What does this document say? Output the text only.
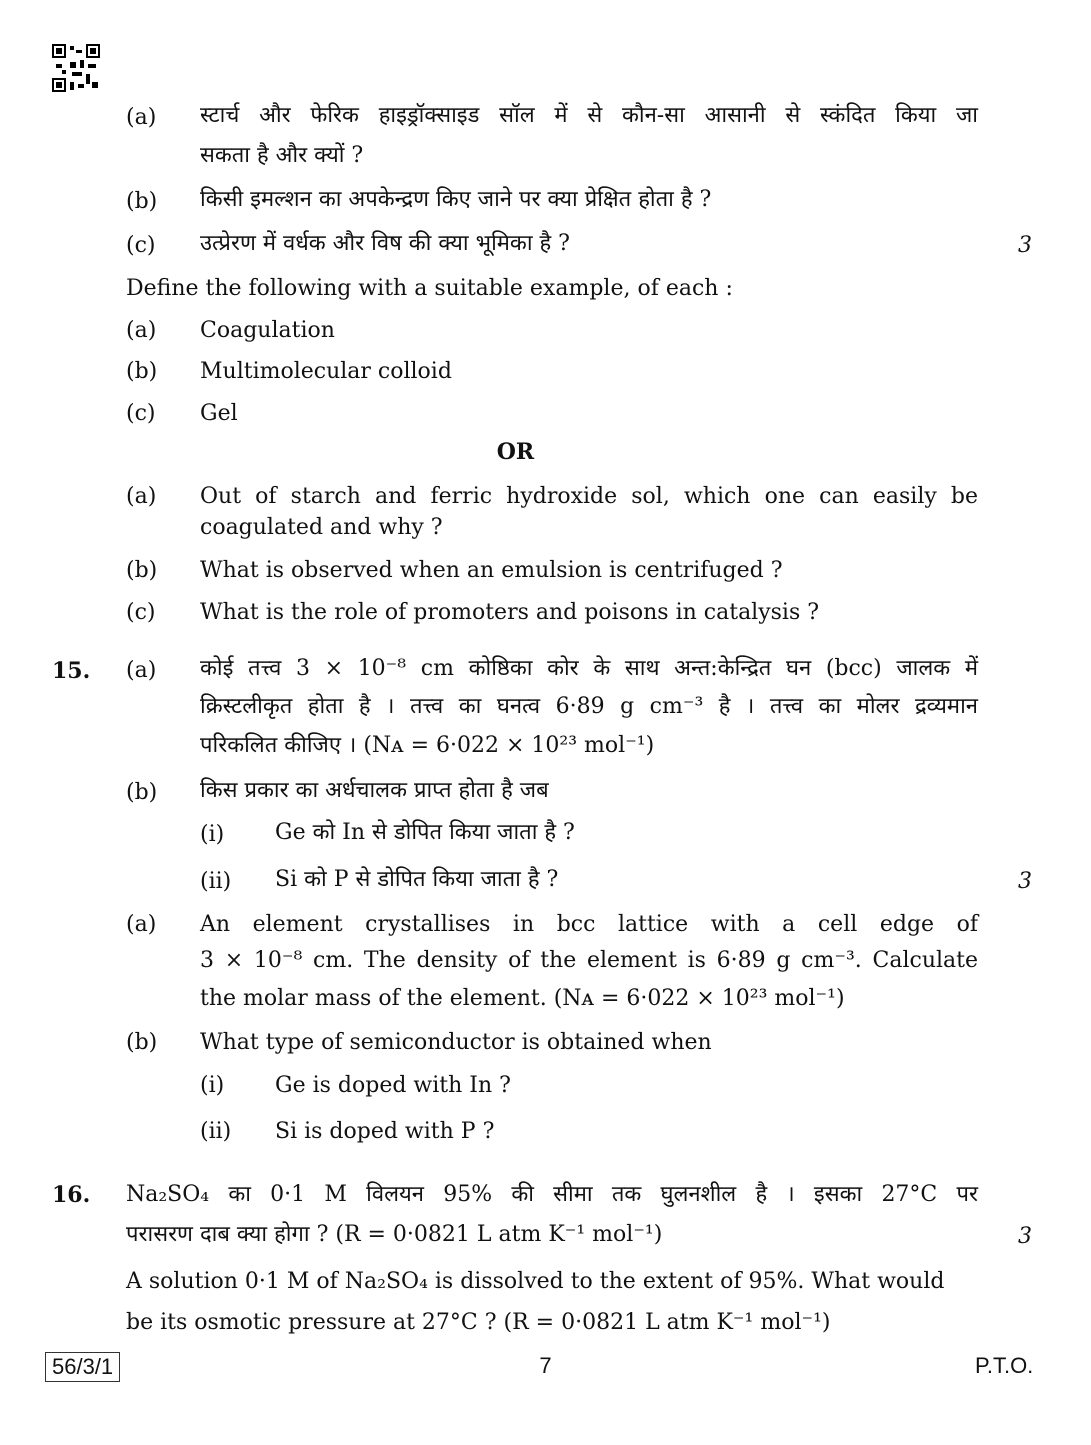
(a) स्टार्च और फेरिक हाइड्रॉक्साइड सॉल में से कौन-सा आसानी से स्कंदित किया जा
सकता है और क्यों ?
(b) किसी इमल्शन का अपकेन्द्रण किए जाने पर क्या प्रेक्षित होता है ?
(c) उत्प्रेरण में वर्धक और विष की क्या भूमिका है ?	3
Define the following with a suitable example, of each :
(a) Coagulation
(b) Multimolecular colloid
(c) Gel
OR
(a) Out of starch and ferric hydroxide sol, which one can easily be
coagulated and why ?
(b) What is observed when an emulsion is centrifuged ?
(c) What is the role of promoters and poisons in catalysis ?
15. (a) कोई तत्त्व 3 × 10⁻⁸ cm कोष्ठिका कोर के साथ अन्त:केन्द्रित घन (bcc) जालक में
क्रिस्टलीकृत होता है । तत्त्व का घनत्व 6·89 g cm⁻³ है । तत्त्व का मोलर द्रव्यमान
परिकलित कीजिए । (Nᴀ = 6·022 × 10²³ mol⁻¹)
(b) किस प्रकार का अर्धचालक प्राप्त होता है जब
(i) Ge को In से डोपित किया जाता है ?
(ii) Si को P से डोपित किया जाता है ?	3
(a) An element crystallises in bcc lattice with a cell edge of
3 × 10⁻⁸ cm. The density of the element is 6·89 g cm⁻³. Calculate
the molar mass of the element. (Nᴀ = 6·022 × 10²³ mol⁻¹)
(b) What type of semiconductor is obtained when
(i) Ge is doped with In ?
(ii) Si is doped with P ?
16. Na₂SO₄ का 0·1 M विलयन 95% की सीमा तक घुलनशील है । इसका 27°C पर
परासरण दाब क्या होगा ? (R = 0·0821 L atm K⁻¹ mol⁻¹)	3
A solution 0·1 M of Na₂SO₄ is dissolved to the extent of 95%. What would
be its osmotic pressure at 27°C ? (R = 0·0821 L atm K⁻¹ mol⁻¹)
56/3/1	7	P.T.O.
